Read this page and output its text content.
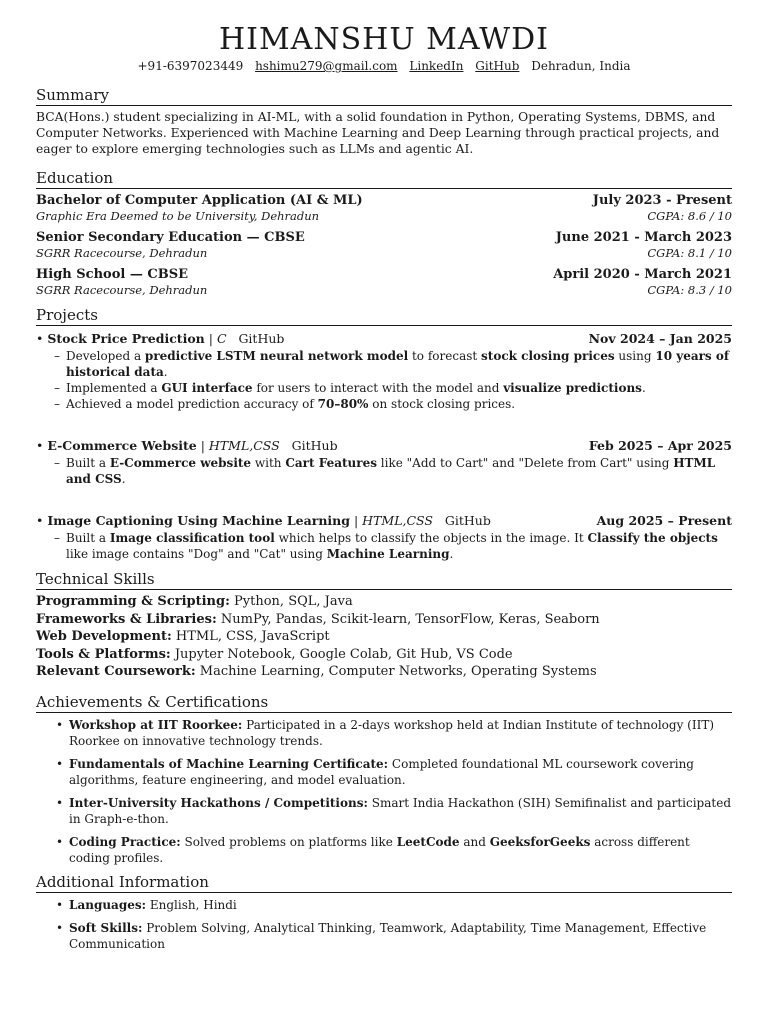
HIMANSHU MAWDI
+91-6397023449 hshimu279@gmail.com LinkedIn GitHub Dehradun, India
Summary
BCA(Hons.) student specializing in AI-ML, with a solid foundation in Python, Operating Systems, DBMS, and Computer Networks. Experienced with Machine Learning and Deep Learning through practical projects, and eager to explore emerging technologies such as LLMs and agentic AI.
Education
Bachelor of Computer Application (AI & ML)	July 2023 - Present
Graphic Era Deemed to be University, Dehradun	CGPA: 8.6 / 10
Senior Secondary Education — CBSE	June 2021 - March 2023
SGRR Racecourse, Dehradun	CGPA: 8.1 / 10
High School — CBSE	April 2020 - March 2021
SGRR Racecourse, Dehradun	CGPA: 8.3 / 10
Projects
• Stock Price Prediction | C GitHub	Nov 2024 – Jan 2025
– Developed a predictive LSTM neural network model to forecast stock closing prices using 10 years of historical data.
– Implemented a GUI interface for users to interact with the model and visualize predictions.
– Achieved a model prediction accuracy of 70–80% on stock closing prices.
• E-Commerce Website | HTML,CSS GitHub	Feb 2025 – Apr 2025
– Built a E-Commerce website with Cart Features like "Add to Cart" and "Delete from Cart" using HTML and CSS.
• Image Captioning Using Machine Learning | HTML,CSS GitHub	Aug 2025 – Present
– Built a Image classification tool which helps to classify the objects in the image. It Classify the objects like image contains "Dog" and "Cat" using Machine Learning.
Technical Skills
Programming & Scripting: Python, SQL, Java
Frameworks & Libraries: NumPy, Pandas, Scikit-learn, TensorFlow, Keras, Seaborn
Web Development: HTML, CSS, JavaScript
Tools & Platforms: Jupyter Notebook, Google Colab, Git Hub, VS Code
Relevant Coursework: Machine Learning, Computer Networks, Operating Systems
Achievements & Certifications
• Workshop at IIT Roorkee: Participated in a 2-days workshop held at Indian Institute of technology (IIT) Roorkee on innovative technology trends.
• Fundamentals of Machine Learning Certificate: Completed foundational ML coursework covering algorithms, feature engineering, and model evaluation.
• Inter-University Hackathons / Competitions: Smart India Hackathon (SIH) Semifinalist and participated in Graph-e-thon.
• Coding Practice: Solved problems on platforms like LeetCode and GeeksforGeeks across different coding profiles.
Additional Information
• Languages: English, Hindi
• Soft Skills: Problem Solving, Analytical Thinking, Teamwork, Adaptability, Time Management, Effective Communication
